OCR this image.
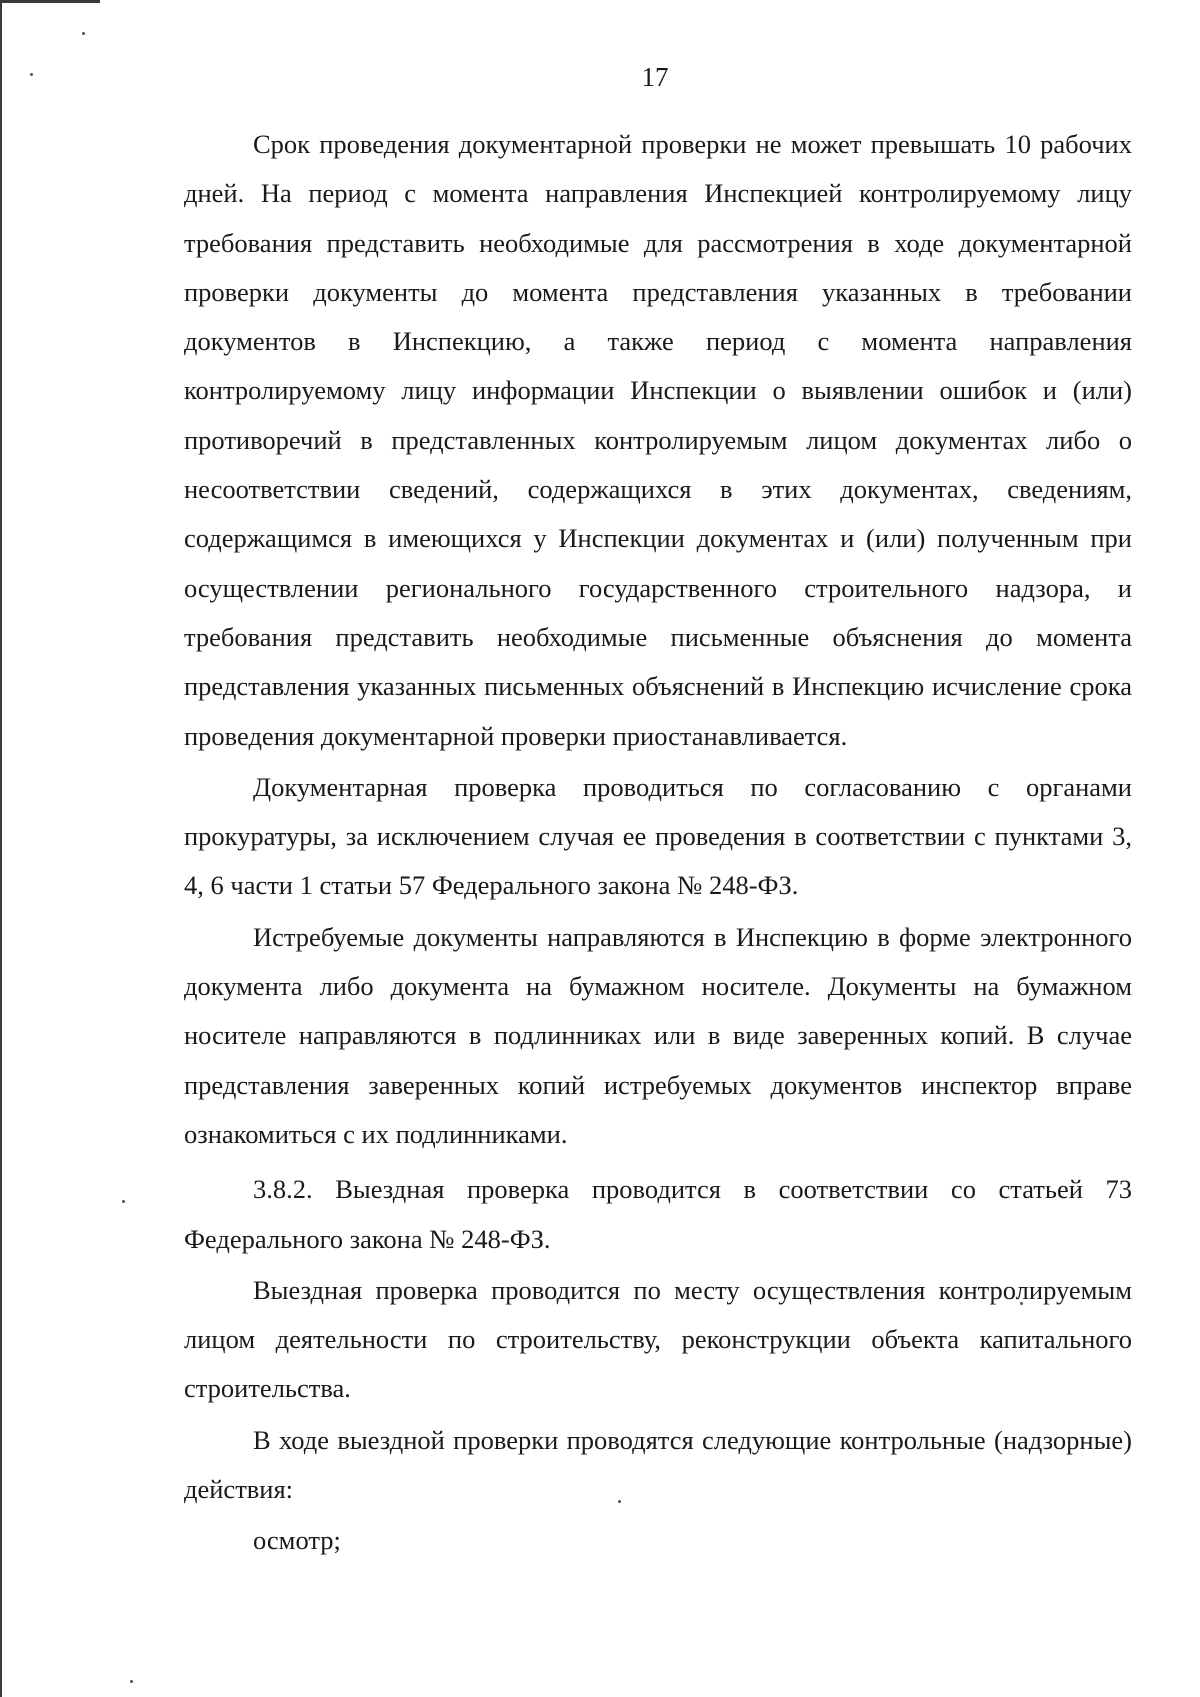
17

Срок проведения документарной проверки не может превышать 10 рабочих дней. На период с момента направления Инспекцией контролируемому лицу требования представить необходимые для рассмотрения в ходе документарной проверки документы до момента представления указанных в требовании документов в Инспекцию, а также период с момента направления контролируемому лицу информации Инспекции о выявлении ошибок и (или) противоречий в представленных контролируемым лицом документах либо о несоответствии сведений, содержащихся в этих документах, сведениям, содержащимся в имеющихся у Инспекции документах и (или) полученным при осуществлении регионального государственного строительного надзора, и требования представить необходимые письменные объяснения до момента представления указанных письменных объяснений в Инспекцию исчисление срока проведения документарной проверки приостанавливается.

Документарная проверка проводиться по согласованию с органами прокуратуры, за исключением случая ее проведения в соответствии с пунктами 3, 4, 6 части 1 статьи 57 Федерального закона № 248-ФЗ.

Истребуемые документы направляются в Инспекцию в форме электронного документа либо документа на бумажном носителе. Документы на бумажном носителе направляются в подлинниках или в виде заверенных копий. В случае представления заверенных копий истребуемых документов инспектор вправе ознакомиться с их подлинниками.

3.8.2. Выездная проверка проводится в соответствии со статьей 73 Федерального закона № 248-ФЗ.

Выездная проверка проводится по месту осуществления контролируемым лицом деятельности по строительству, реконструкции объекта капитального строительства.

В ходе выездной проверки проводятся следующие контрольные (надзорные) действия:

осмотр;
